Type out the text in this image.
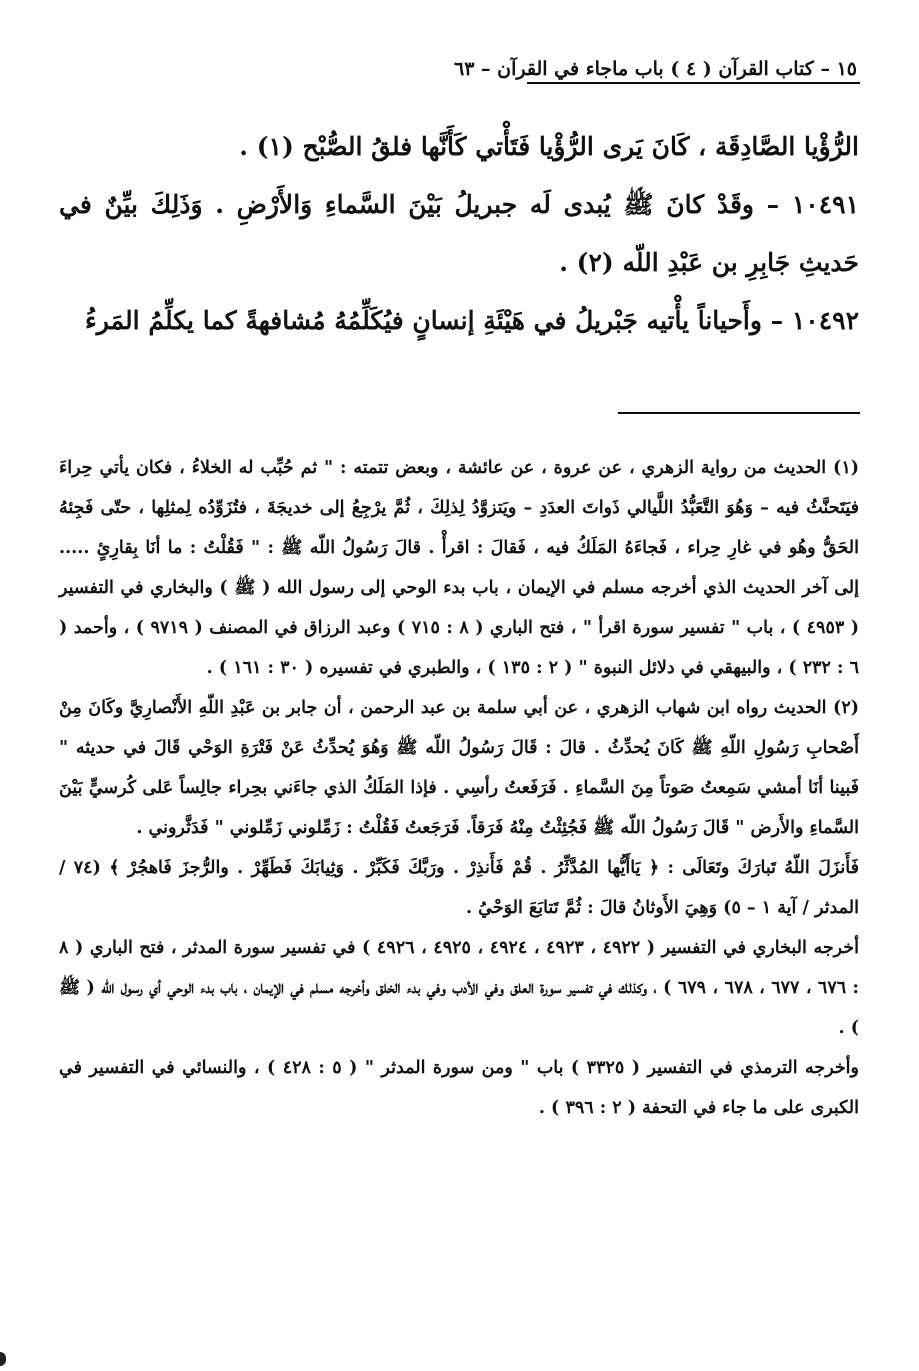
١٥ – كتاب القرآن ( ٤ ) باب ماجاء في القرآن – ٦٣

الرُّؤْيا الصَّادِقَة ، كَانَ يَرى الرُّؤْيا فَتَأْتي كَأَنَّها فلقُ الصُّبْح (١) .

١٠٤٩١ – وقَدْ كانَ ﷺ يُبدى لَه جبريلُ بَيْنَ السَّماءِ وَالأَرْضِ . وَذَلِكَ بيِّنٌ في حَديثِ جَابِرِ بن عَبْدِ اللّه (٢) .

١٠٤٩٢ – وأَحياناً يأْتيه جَبْريلُ في هَيْئَةِ إنسانٍ فيُكَلِّمُهُ مُشافهةً كما يكلِّمُ المَرءُ

(١) الحديث من رواية الزهري ، عن عروة ، عن عائشة ، وبعض تتمته : " ثم حُبِّب له الخلاءُ ، فكان يأتي حِراءَ فيَتَحنَّثُ فيه – وَهُوَ التَّعَبُّدُ اللَّيالي ذَواتَ العدَدِ – ويَتزوَّدُ لِذلِكَ ، ثُمَّ يرْجِعُ إلى خديجَةَ ، فتُزَوِّدُه لِمثلِها ، حتّى فَجِئهُ الحَقُّ وهُو في غارِ حِراء ، فَجاءَهُ المَلَكُ فيه ، فَقالَ : اقرأْ . قالَ رَسُولُ اللّه ﷺ : " فَقُلْتُ : ما أنَا بِقارِئٍ ..... إلى آخر الحديث الذي أخرجه مسلم في الإيمان ، باب بدء الوحي إلى رسول الله ( ﷺ ) والبخاري في التفسير ( ٤٩٥٣ ) ، باب " تفسير سورة اقرأ " ، فتح الباري ( ٨ : ٧١٥ ) وعبد الرزاق في المصنف ( ٩٧١٩ ) ، وأحمد ( ٦ : ٢٣٢ ) ، والبيهقي في دلائل النبوة " ( ٢ : ١٣٥ ) ، والطبري في تفسيره ( ٣٠ : ١٦١ ) .

(٢) الحديث رواه ابن شهاب الزهري ، عن أبي سلمة بن عبد الرحمن ، أن جابر بن عَبْدِ اللّهِ الأَنْصارِيَّ وكَانَ مِنْ أَصْحابِ رَسُولِ اللّهِ ﷺ كَانَ يُحدِّثُ . قالَ : قَالَ رَسُولُ اللّه ﷺ وَهُوَ يُحدِّثُ عَنْ فَتْرَةِ الوَحْي قَالَ في حديثه " فَبينا أنَا أمشي سَمِعتُ صَوتاً مِنَ السَّماءِ . فَرَفَعتُ رأسِي . فإذا المَلَكُ الذي جاءَني بحِراء جالِساً عَلى كُرسيٍّ بَيْنَ السَّماءِ والأَرض " قَالَ رَسُولُ اللّه ﷺ فَجُئِثْتُ مِنْهُ فَرَقاً. فَرَجَعتُ فَقُلْتُ : زَمِّلوني زَمِّلوني " فَدَثَّروني .

فَأَنزَلَ اللّهُ تَبارَكَ وتَعَالَى : ﴿ يَاأَيُّها المُدَّثِّرُ . قُمْ فَأَنذِرْ . ورَبَّكَ فَكَبِّرْ . وَثِيابَكَ فَطَهِّرْ . والرُّجزَ فَاهجُرْ ﴾ (٧٤ / المدثر / آية ١ – ٥) وَهِيَ الأَوثانُ قالَ : ثُمَّ تَتابَعَ الوَحْيُ .

أخرجه البخاري في التفسير ( ٤٩٢٢ ، ٤٩٢٣ ، ٤٩٢٤ ، ٤٩٢٥ ، ٤٩٢٦ ) في تفسير سورة المدثر ، فتح الباري ( ٨ : ٦٧٦ ، ٦٧٧ ، ٦٧٨ ، ٦٧٩ ) ، وكذلك في تفسير سورة العلق وفي الأدب وفي بدء الخلق وأخرجه مسلم في الإيمان ، باب بدء الوحي أي رسول الله ( ﷺ ) .

وأخرجه الترمذي في التفسير ( ٣٣٢٥ ) باب " ومن سورة المدثر " ( ٥ : ٤٢٨ ) ، والنسائي في التفسير في الكبرى على ما جاء في التحفة ( ٢ : ٣٩٦ ) .
